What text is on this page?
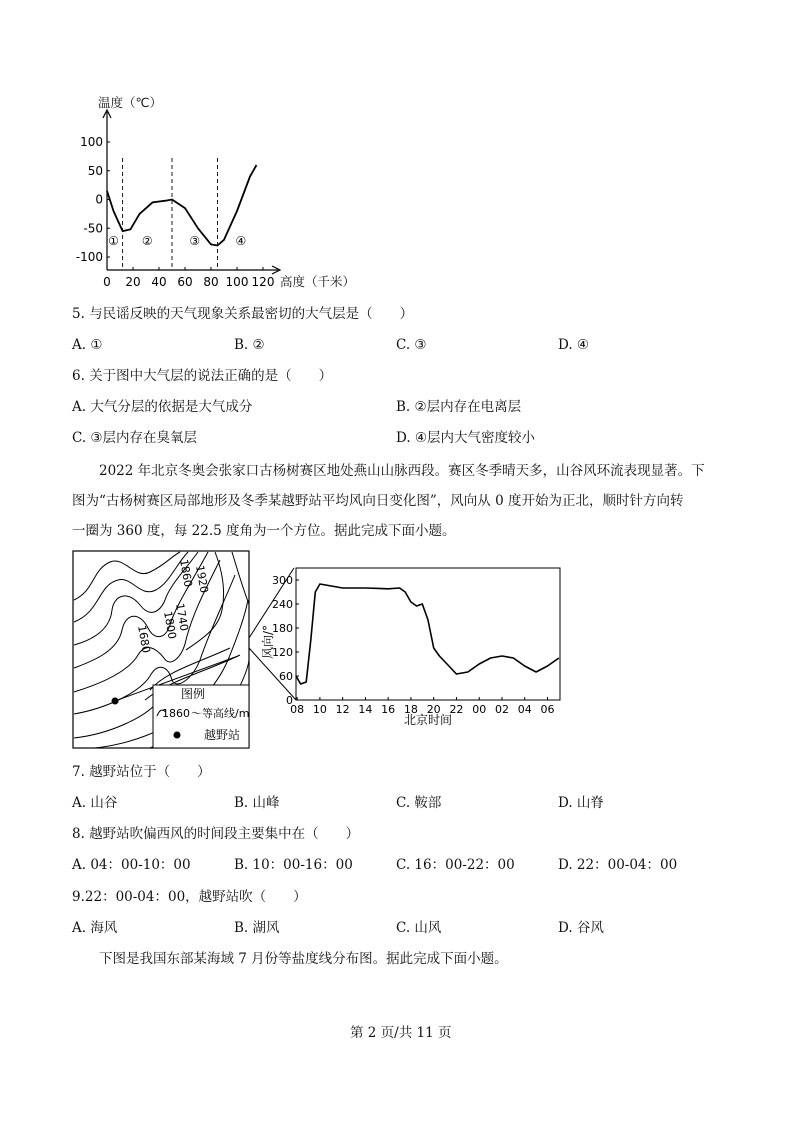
0 20 40 60 80 100 120
100
50
0
-50
-100
① ②	③	④
温度（℃）
高度（千米）
5. 与民谣反映的天气现象关系最密切的大气层是（　　）
A. ①	B. ②	C. ③	D. ④
6. 关于图中大气层的说法正确的是（　　）
A. 大气分层的依据是大气成分	B. ②层内存在电离层
C. ③层内存在臭氧层	D. ④层内大气密度较小

2022 年北京冬奥会张家口古杨树赛区地处燕山山脉西段。赛区冬季晴天多，山谷风环流表现显著。下

图为“古杨树赛区局部地形及冬季某越野站平均风向日变化图”，风向从 0 度开始为正北，顺时针方向转

一圈为 360 度，每 22.5 度角为一个方位。据此完成下面小题。

1920
1860
1800
1740
1680
图例
1860 ～等高线/m
越野站
08 10 12 14 16 18 20 22 00 02 04 06
300
240
180
120
60
0
风向/°
北京时间
7. 越野站位于（　　）
A. 山谷	B. 山峰	C. 鞍部	D. 山脊
8. 越野站吹偏西风的时间段主要集中在（　　）
A. 04：00-10：00	B. 10：00-16：00	C. 16：00-22：00	D. 22：00-04：00
9.22：00-04：00，越野站吹（　　）
A. 海风	B. 湖风	C. 山风	D. 谷风
下图是我国东部某海域 7 月份等盐度线分布图。据此完成下面小题。
第 2 页/共 11 页
